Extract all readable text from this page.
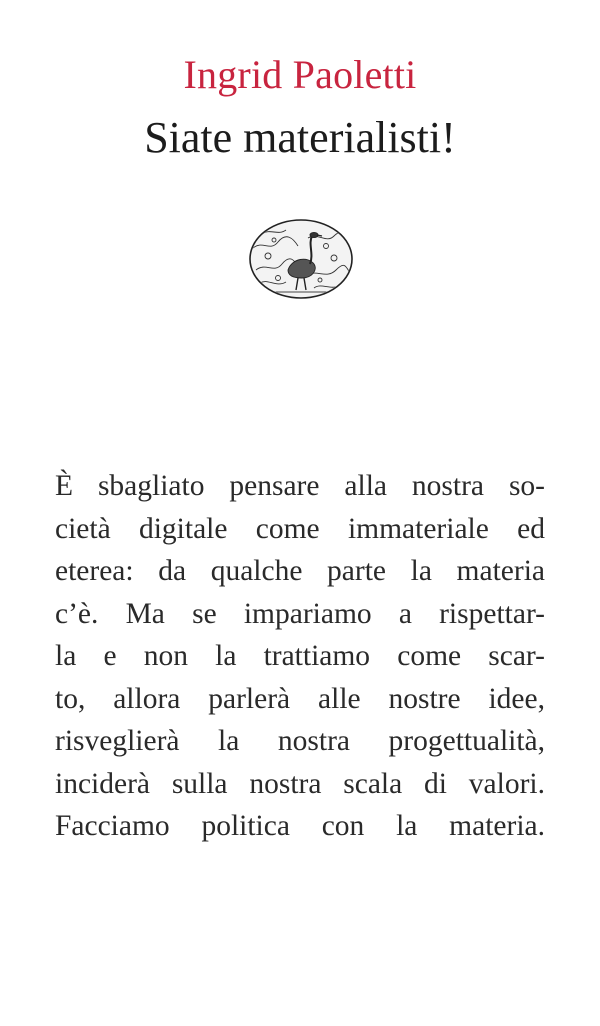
Ingrid Paoletti
Siate materialisti!
È sbagliato pensare alla nostra so-
cietà digitale come immateriale ed
eterea: da qualche parte la materia
c’è. Ma se impariamo a rispettar-
la e non la trattiamo come scar-
to, allora parlerà alle nostre idee,
risveglierà la nostra progettualità,
inciderà sulla nostra scala di valori.
Facciamo politica con la materia.
